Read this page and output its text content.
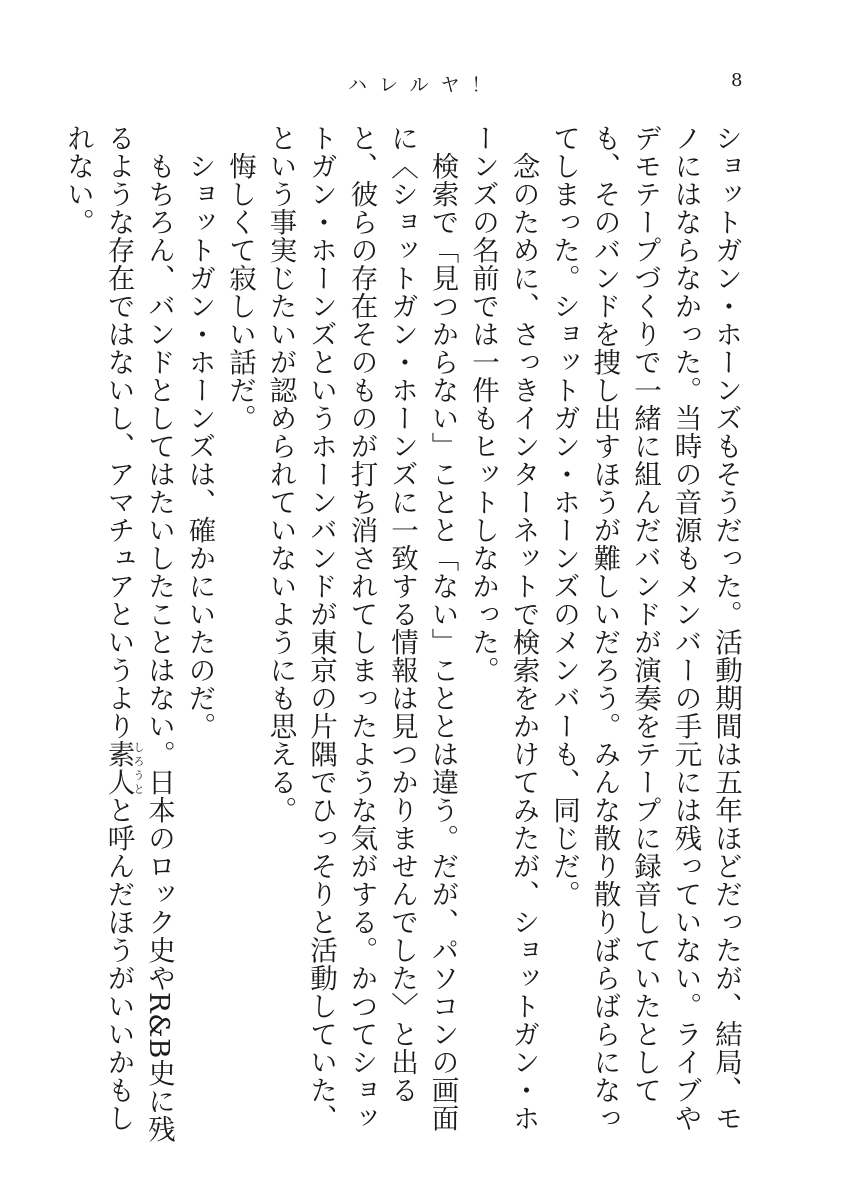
ハレルヤ！	8

ショットガン・ホーンズもそうだった。活動期間は五年ほどだったが、結局、モノにはならなかった。当時の音源もメンバーの手元には残っていない。ライブやデモテープづくりで一緒に組んだバンドが演奏をテープに録音していたとしても、そのバンドを捜し出すほうが難しいだろう。みんな散り散りばらばらになってしまった。ショットガン・ホーンズのメンバーも、同じだ。

念のために、さっきインターネットで検索をかけてみたが、ショットガン・ホーンズの名前では一件もヒットしなかった。

検索で「見つからない」ことと「ない」こととは違う。だが、パソコンの画面に〈ショットガン・ホーンズに一致する情報は見つかりませんでした〉と出ると、彼らの存在そのものが打ち消されてしまったような気がする。かつてショットガン・ホーンズというホーンバンドが東京の片隅でひっそりと活動していた、という事実じたいが認められていないようにも思える。

悔しくて寂しい話だ。

ショットガン・ホーンズは、確かにいたのだ。

もちろん、バンドとしてはたいしたことはない。日本のロック史やR&B史に残るような存在ではないし、アマチュアというより素人しろうとと呼んだほうがいいかもしれない。
